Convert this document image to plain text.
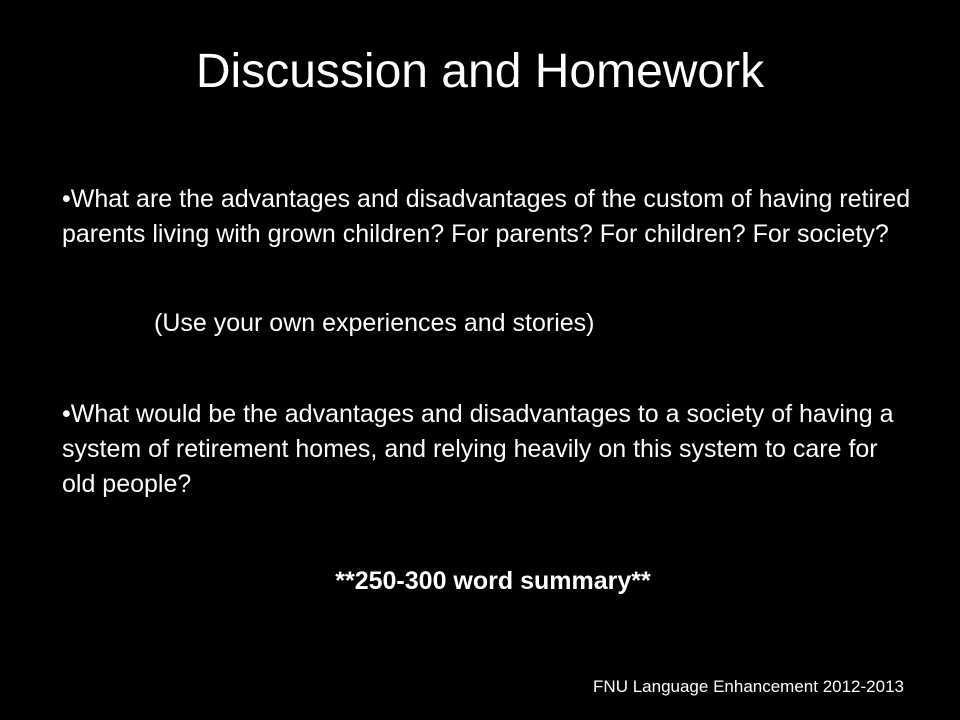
Discussion and Homework

•What are the advantages and disadvantages of the custom of having retired parents living with grown children? For parents? For children? For society?

(Use your own experiences and stories)

•What would be the advantages and disadvantages to a society of having a system of retirement homes, and relying heavily on this system to care for old people?

**250-300 word summary**

FNU Language Enhancement 2012-2013
